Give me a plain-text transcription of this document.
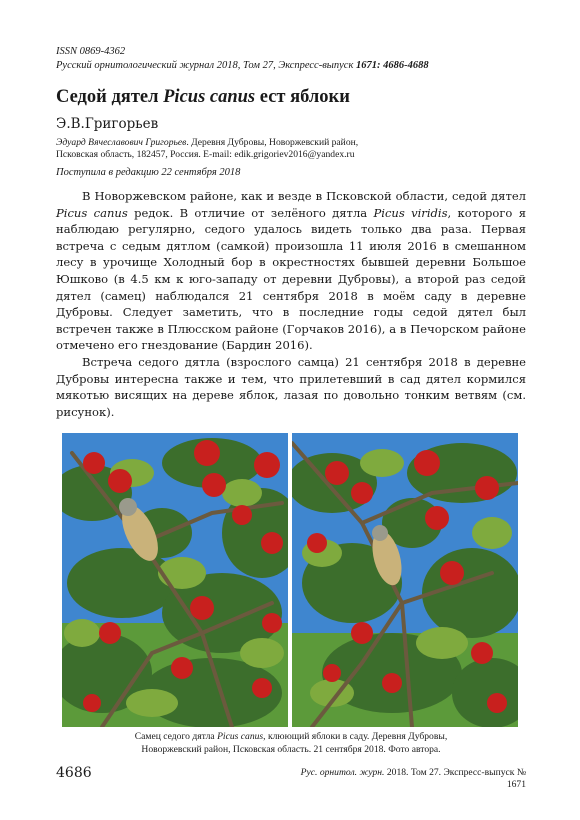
ISSN 0869-4362
Русский орнитологический журнал 2018, Том 27, Экспресс-выпуск 1671: 4686-4688
Седой дятел Picus canus ест яблоки
Э.В.Григорьев
Эдуард Вячеславович Григорьев. Деревня Дубровы, Новоржевский район,
Псковская область, 182457, Россия. E-mail: edik.grigoriev2016@yandex.ru
Поступила в редакцию 22 сентября 2018

В Новоржевском районе, как и везде в Псковской области, седой дятел Picus canus редок. В отличие от зелёного дятла Picus viridis, которого я наблюдаю регулярно, седого удалось видеть только два раза. Первая встреча с седым дятлом (самкой) произошла 11 июля 2016 в смешанном лесу в урочище Холодный бор в окрестностях бывшей деревни Большое Юшково (в 4.5 км к юго-западу от деревни Дубровы), а второй раз седой дятел (самец) наблюдался 21 сентября 2018 в моём саду в деревне Дубровы. Следует заметить, что в последние годы седой дятел был встречен также в Плюсском районе (Горчаков 2016), а в Печорском районе отмечено его гнездование (Бардин 2016).

Встреча седого дятла (взрослого самца) 21 сентября 2018 в деревне Дубровы интересна также и тем, что прилетевший в сад дятел кормился мякотью висящих на дереве яблок, лазая по довольно тонким ветвям (см. рисунок).

Самец седого дятла Picus canus, клюющий яблоки в саду. Деревня Дубровы,
Новоржевский район, Псковская область. 21 сентября 2018. Фото автора.
4686	Рус. орнитол. журн. 2018. Том 27. Экспресс-выпуск № 1671
